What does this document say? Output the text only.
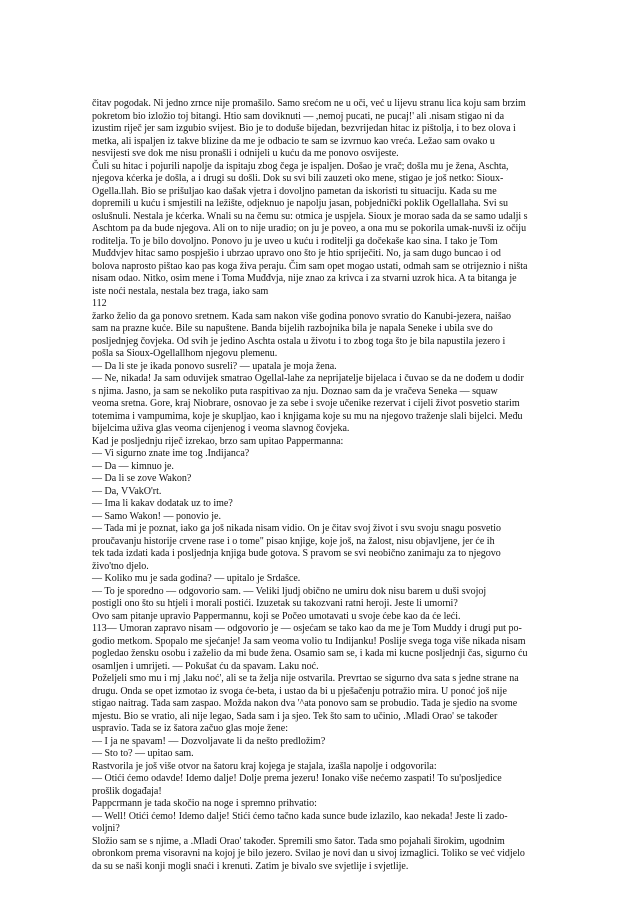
čitav pogodak. Ni jedno zrnce nije promašilo. Samo srećom ne u oči, već u lijevu stranu lica koju sam brzim
pokretom bio izložio toj bitangi. Htio sam doviknuti — ,nemoj pucati, ne pucaj!' ali .nisam stigao ni da
izustim riječ jer sam izgubio svijest. Bio je to doduše bijedan, bezvrijedan hitac iz pištolja, i to bez olova i
metka, ali ispaljen iz takve blizine da me je odbacio te sam se izvrnuo kao vreća. Ležao sam ovako u
nesvijesti sve dok me nisu pronašli i odnijeli u kuću da me ponovo osvijeste.

Čuli su hitac i pojurili napolje da ispitaju zbog čega je ispaljen. Došao je vrač; došla mu je žena, Aschta,
njegova kćerka je došla, a i drugi su došli. Dok su svi bili zauzeti oko mene, stigao je još netko: Sioux-
Ogella.llah. Bio se prišuljao kao dašak vjetra i dovoljno pametan da iskoristi tu situaciju. Kada su me
dopremili u kuću i smjestili na ležište, odjeknuo je napolju jasan, pobjednički poklik Ogellallaha. Svi su
oslušnuli. Nestala je kćerka. Wnali su na čemu su: otmica je uspjela. Sioux je morao sada da se samo udalji s
Aschtom pa da bude njegova. Ali on to nije uradio; on ju je poveo, a ona mu se pokorila umak-nuvši iz očiju
roditelja. To je bilo dovoljno. Ponovo ju je uveo u kuću i roditelji ga dočekaše kao sina. I tako je Tom
Muđdvjev hitac samo pospješio i ubrzao upravo ono što je htio spriječiti. No, ja sam dugo buncao i od
bolova naprosto pištao kao pas koga živa peraju. Čim sam opet mogao ustati, odmah sam se otrijeznio i ništa
nisam odao. Nitko, osim mene i Toma Muđđvja, nije znao za krivca i za stvarni uzrok hica. A ta bitanga je
iste noći nestala, nestala bez traga, iako sam

112

žarko želio da ga ponovo sretnem. Kada sam nakon više godina ponovo svratio do Kanubi-jezera, naišao
sam na prazne kuće. Bile su napuštene. Banda bijelih razbojnika bila je napala Seneke i ubila sve do
posljednjeg čovjeka. Od svih je jedino Aschta ostala u životu i to zbog toga što je bila napustila jezero i
pošla sa Sioux-Ogellallhom njegovu plemenu.

— Da li ste je ikada ponovo susreli? — upatala je moja žena.

— Ne, nikada! Ja sam oduvijek smatrao Ogellal-lahe za neprijatelje bijelaca i čuvao se da ne dođem u dodir
s njima. Jasno, ja sam se nekoliko puta raspitivao za nju. Doznao sam da je vračeva Seneka — squaw
veoma sretna. Gore, kraj Niobrare, osnovao je za sebe i svoje učenike rezervat i cijeli život posvetio starim
totemima i vampumima, koje je skupljao, kao i knjigama koje su mu na njegovo traženje slali bijelci. Među
bijelcima uživa glas veoma cijenjenog i veoma slavnog čovjeka.

Kad je posljednju riječ izrekao, brzo sam upitao Pappermanna:

— Vi sigurno znate ime tog .Indijanca?

— Da — kimnuo je.

— Da li se zove Wakon?

— Da, VVakO'rt.

— Ima li kakav dodatak uz to ime?

— Samo Wakon! — ponovio je.

— Tada mi je poznat, iako ga još nikada nisam vidio. On je čitav svoj život i svu svoju snagu posvetio
proučavanju historije crvene rase i o tome" pisao knjige, koje još, na žalost, nisu objavljene, jer će ih
tek tada izdati kada i posljednja knjiga bude gotova. S pravom se svi neobično zanimaju za to njegovo
živo'tno djelo.

— Koliko mu je sada godina? — upitalo je Srdašce.

— To je sporedno — odgovorio sam. — Veliki ljudj obično ne umiru dok nisu barem u duši svojoj
postigli ono što su htjeli i morali postići. Izuzetak su takozvani ratni heroji. Jeste li umorni?

Ovo sam pitanje upravio Pappermannu, koji se Počeo umotavati u svoje ćebe kao da će leći.

113— Umoran zapravo nisam — odgovorio je — osjećam se tako kao da me je Tom Muddy i drugi put po-
godio metkom. Spopalo me sjećanje! Ja sam veoma volio tu Indijanku! Poslije svega toga više nikada nisam
pogledao žensku osobu i zaželio da mi bude žena. Osamio sam se, i kada mi kucne posljednji čas, sigurno ću
osamljen i umrijeti. — Pokušat ću da spavam. Laku noć.

Poželjeli smo mu i rnj ,laku noć', ali se ta želja nije ostvarila. Prevrtao se sigurno dva sata s jedne strane na
drugu. Onda se opet izmotao iz svoga će-beta, i ustao da bi u pješačenju potražio mira. U ponoć još nije
stigao naitrag. Tada sam zaspao. Možda nakon dva '^ata ponovo sam se probudio. Tada je sjedio na svome
mjestu. Bio se vratio, ali nije legao, Sada sam i ja sjeo. Tek što sam to učinio, .Mladi Orao' se također
uspravio. Tada se iz šatora začuo glas moje žene:

— I ja ne spavam! — Dozvoljavate li da nešto predložim?

— Sto to? — upitao sam.

Rastvorila je još više otvor na šatoru kraj kojega je stajala, izašla napolje i odgovorila:

— Otići ćemo odavde! Idemo dalje! Dolje prema jezeru! Ionako više nećemo zaspati! To su'posljedice
prošlik događaja!

Pappcrmann je tada skočio na noge i spremno prihvatio:

— Well! Otići ćemo! Idemo dalje! Stići ćemo tačno kada sunce bude izlazilo, kao nekada! Jeste li zado-
voljni?

Složio sam se s njime, a .Mladi Orao' također. Spremili smo šator. Tada smo pojahali širokim, ugodnim
obronkom prema visoravni na kojoj je bilo jezero. Svilao je novi dan u sivoj izmaglici. Toliko se već vidjelo
da su se naši konji mogli snaći i krenuti. Zatim je bivalo sve svjetlije i svjetlije.
